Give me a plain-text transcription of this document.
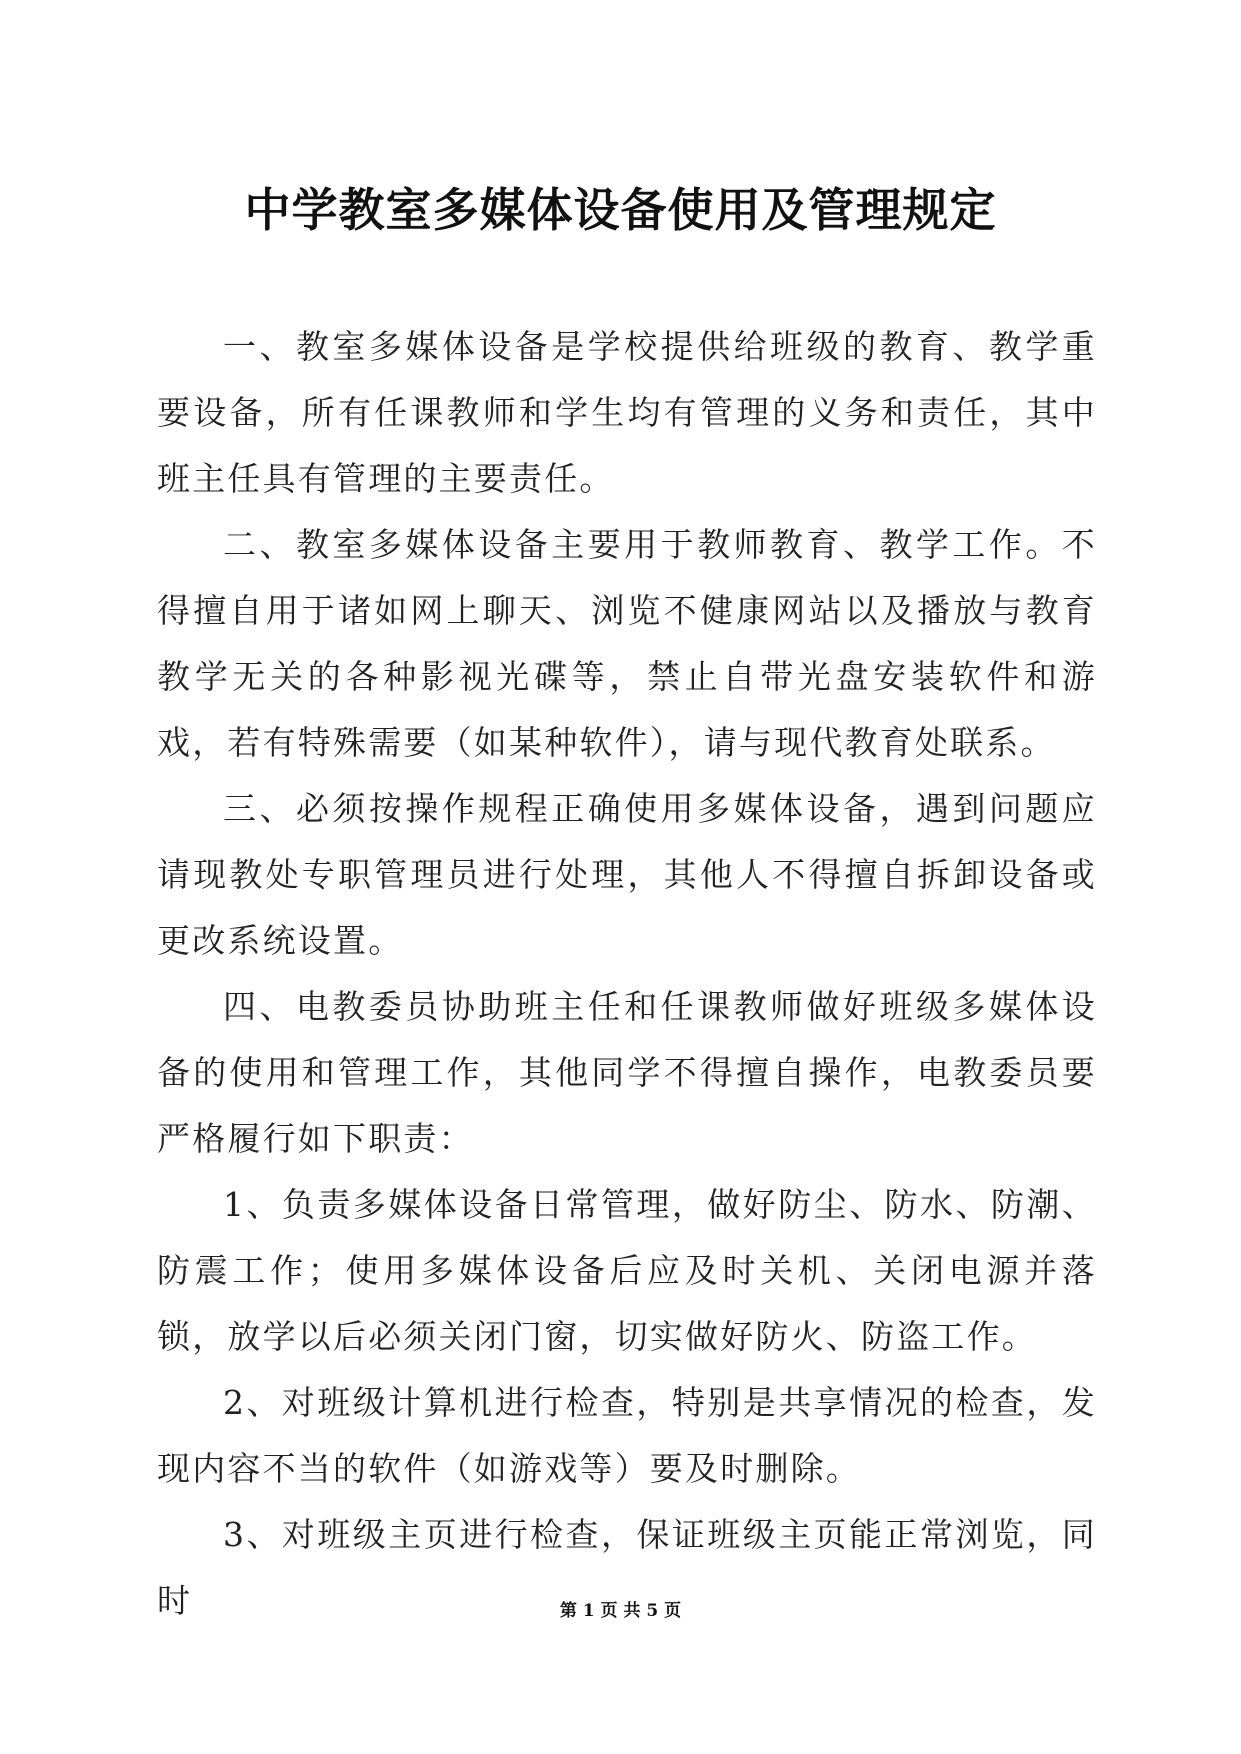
中学教室多媒体设备使用及管理规定

一、教室多媒体设备是学校提供给班级的教育、教学重要设备，所有任课教师和学生均有管理的义务和责任，其中班主任具有管理的主要责任。

二、教室多媒体设备主要用于教师教育、教学工作。不得擅自用于诸如网上聊天、浏览不健康网站以及播放与教育教学无关的各种影视光碟等，禁止自带光盘安装软件和游戏，若有特殊需要（如某种软件），请与现代教育处联系。

三、必须按操作规程正确使用多媒体设备，遇到问题应请现教处专职管理员进行处理，其他人不得擅自拆卸设备或更改系统设置。

四、电教委员协助班主任和任课教师做好班级多媒体设备的使用和管理工作，其他同学不得擅自操作，电教委员要严格履行如下职责：

1、负责多媒体设备日常管理，做好防尘、防水、防潮、防震工作；使用多媒体设备后应及时关机、关闭电源并落锁，放学以后必须关闭门窗，切实做好防火、防盗工作。

2、对班级计算机进行检查，特别是共享情况的检查，发现内容不当的软件（如游戏等）要及时删除。

3、对班级主页进行检查，保证班级主页能正常浏览，同时	第 1 页 共 5 页
